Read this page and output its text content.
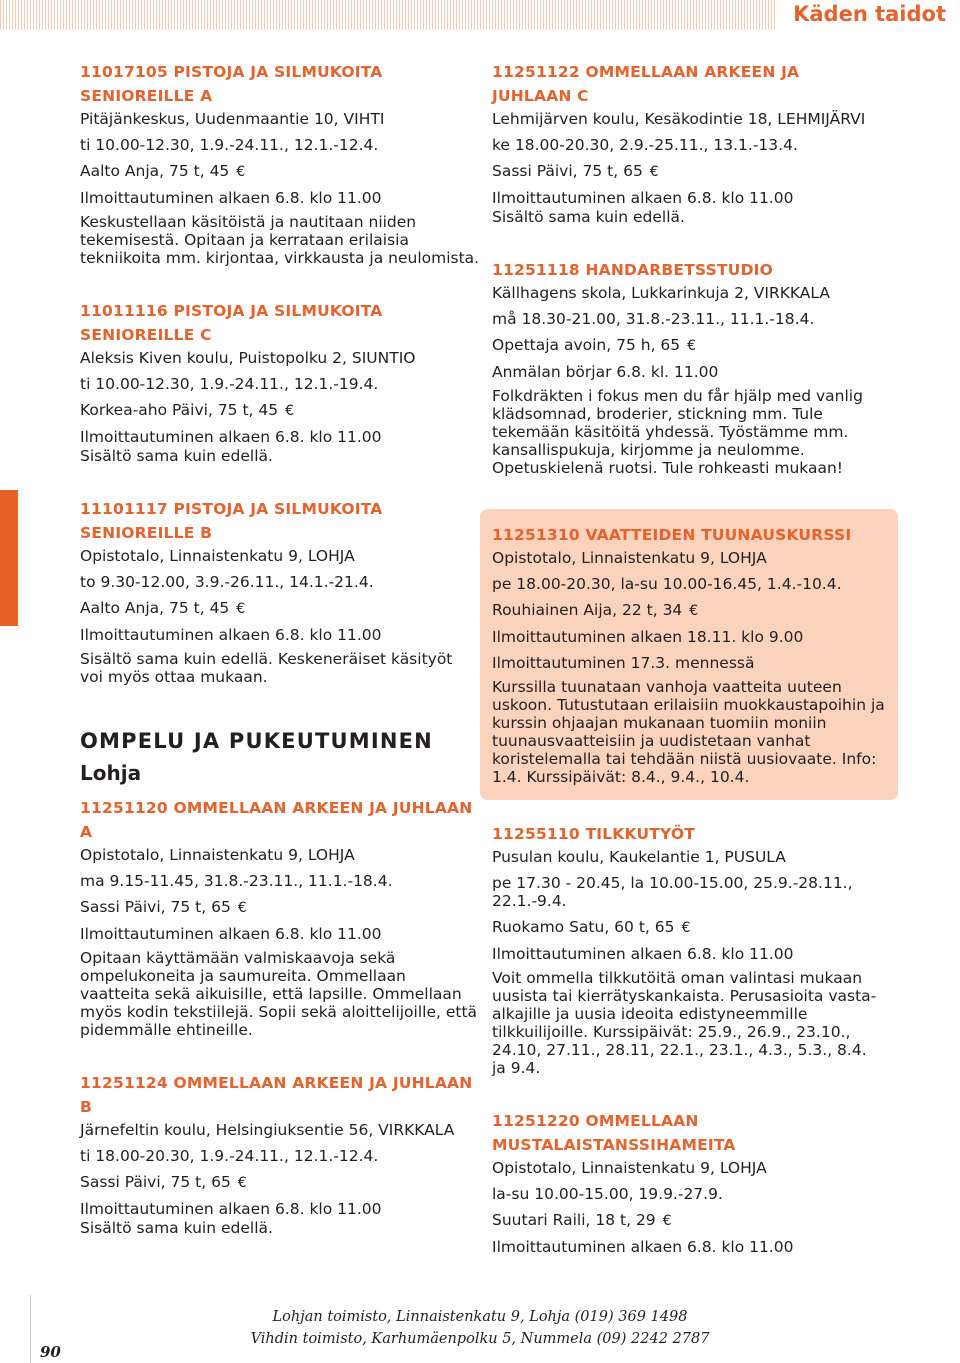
Käden taidot
11017105 PISTOJA JA SILMUKOITA
SENIOREILLE A
Pitäjänkeskus, Uudenmaantie 10, VIHTI
ti 10.00-12.30, 1.9.-24.11., 12.1.-12.4.
Aalto Anja, 75 t, 45 €
Ilmoittautuminen alkaen 6.8. klo 11.00
Keskustellaan käsitöistä ja nautitaan niiden tekemisestä. Opitaan ja kerrataan erilaisia tekniikoita mm. kirjontaa, virkkausta ja neulomista.
11011116 PISTOJA JA SILMUKOITA
SENIOREILLE C
Aleksis Kiven koulu, Puistopolku 2, SIUNTIO
ti 10.00-12.30, 1.9.-24.11., 12.1.-19.4.
Korkea-aho Päivi, 75 t, 45 €
Ilmoittautuminen alkaen 6.8. klo 11.00
Sisältö sama kuin edellä.
11101117 PISTOJA JA SILMUKOITA
SENIOREILLE B
Opistotalo, Linnaistenkatu 9, LOHJA
to 9.30-12.00, 3.9.-26.11., 14.1.-21.4.
Aalto Anja, 75 t, 45 €
Ilmoittautuminen alkaen 6.8. klo 11.00
Sisältö sama kuin edellä. Keskeneräiset käsityöt voi myös ottaa mukaan.
OMPELU JA PUKEUTUMINEN
Lohja
11251120 OMMELLAAN ARKEEN JA JUHLAAN A
Opistotalo, Linnaistenkatu 9, LOHJA
ma 9.15-11.45, 31.8.-23.11., 11.1.-18.4.
Sassi Päivi, 75 t, 65 €
Ilmoittautuminen alkaen 6.8. klo 11.00
Opitaan käyttämään valmiskaavoja sekä ompelukoneita ja saumureita. Ommellaan vaatteita sekä aikuisille, että lapsille. Ommellaan myös kodin tekstiilejä. Sopii sekä aloittelijoille, että pidemmälle ehtineille.
11251124 OMMELLAAN ARKEEN JA JUHLAAN B
Järnefeltin koulu, Helsingiuksentie 56, VIRKKALA
ti 18.00-20.30, 1.9.-24.11., 12.1.-12.4.
Sassi Päivi, 75 t, 65 €
Ilmoittautuminen alkaen 6.8. klo 11.00
Sisältö sama kuin edellä.
11251122 OMMELLAAN ARKEEN JA JUHLAAN C
Lehmijärven koulu, Kesäkodintie 18, LEHMIJÄRVI
ke 18.00-20.30, 2.9.-25.11., 13.1.-13.4.
Sassi Päivi, 75 t, 65 €
Ilmoittautuminen alkaen 6.8. klo 11.00
Sisältö sama kuin edellä.
11251118 HANDARBETSSTUDIO
Källhagens skola, Lukkarinkuja 2, VIRKKALA
må 18.30-21.00, 31.8.-23.11., 11.1.-18.4.
Opettaja avoin, 75 h, 65 €
Anmälan börjar 6.8. kl. 11.00
Folkdräkten i fokus men du får hjälp med vanlig klädsomnad, broderier, stickning mm. Tule tekemään käsitöitä yhdessä. Työstämme mm. kansallispukuja, kirjomme ja neulomme. Opetuskielenä ruotsi. Tule rohkeasti mukaan!
11251310 VAATTEIDEN TUUNAUSKURSSI
Opistotalo, Linnaistenkatu 9, LOHJA
pe 18.00-20.30, la-su 10.00-16.45, 1.4.-10.4.
Rouhiainen Aija, 22 t, 34 €
Ilmoittautuminen alkaen 18.11. klo 9.00
Ilmoittautuminen 17.3. mennessä
Kurssilla tuunataan vanhoja vaatteita uuteen uskoon. Tutustutaan erilaisiin muokkaustapoihin ja kurssin ohjaajan mukanaan tuomiin moniin tuunausvaatteisiin ja uudistetaan vanhat koristelemalla tai tehdään niistä uusiovaate. Info: 1.4. Kurssipäivät: 8.4., 9.4., 10.4.
11255110 TILKKUTYÖT
Pusulan koulu, Kaukelantie 1, PUSULA
pe 17.30 - 20.45, la 10.00-15.00, 25.9.-28.11., 22.1.-9.4.
Ruokamo Satu, 60 t, 65 €
Ilmoittautuminen alkaen 6.8. klo 11.00
Voit ommella tilkkutöitä oman valintasi mukaan uusista tai kierrätyskankaista. Perusasioita vasta-alkajille ja uusia ideoita edistyneemmille tilkkuilijoille. Kurssipäivät: 25.9., 26.9., 23.10., 24.10, 27.11., 28.11, 22.1., 23.1., 4.3., 5.3., 8.4. ja 9.4.
11251220 OMMELLAAN
MUSTALAISTANSSIHAMEITA
Opistotalo, Linnaistenkatu 9, LOHJA
la-su 10.00-15.00, 19.9.-27.9.
Suutari Raili, 18 t, 29 €
Ilmoittautuminen alkaen 6.8. klo 11.00
90
Lohjan toimisto, Linnaistenkatu 9, Lohja (019) 369 1498
Vihdin toimisto, Karhumäenpolku 5, Nummela (09) 2242 2787
